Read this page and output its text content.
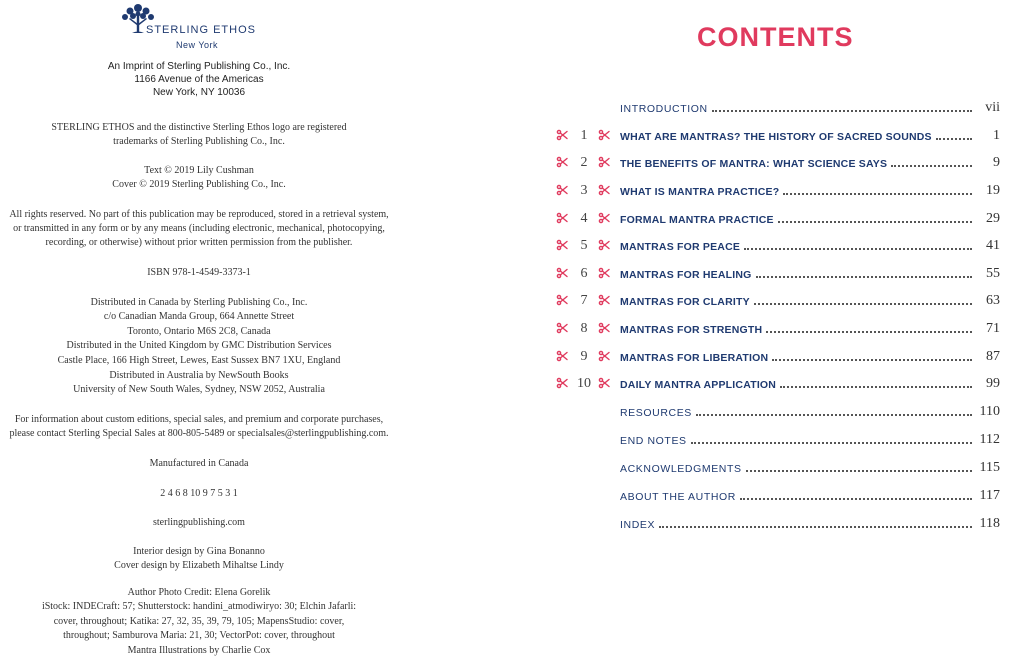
STERLING ETHOS
New York
An Imprint of Sterling Publishing Co., Inc.
1166 Avenue of the Americas
New York, NY 10036
STERLING ETHOS and the distinctive Sterling Ethos logo are registered
trademarks of Sterling Publishing Co., Inc.
Text © 2019 Lily Cushman
Cover © 2019 Sterling Publishing Co., Inc.
All rights reserved. No part of this publication may be reproduced, stored in a retrieval system,
or transmitted in any form or by any means (including electronic, mechanical, photocopying,
recording, or otherwise) without prior written permission from the publisher.
ISBN 978-1-4549-3373-1
Distributed in Canada by Sterling Publishing Co., Inc.
c/o Canadian Manda Group, 664 Annette Street
Toronto, Ontario M6S 2C8, Canada
Distributed in the United Kingdom by GMC Distribution Services
Castle Place, 166 High Street, Lewes, East Sussex BN7 1XU, England
Distributed in Australia by NewSouth Books
University of New South Wales, Sydney, NSW 2052, Australia
For information about custom editions, special sales, and premium and corporate purchases,
please contact Sterling Special Sales at 800-805-5489 or specialsales@sterlingpublishing.com.
Manufactured in Canada
2 4 6 8 10 9 7 5 3 1
sterlingpublishing.com
Interior design by Gina Bonanno
Cover design by Elizabeth Mihaltse Lindy
Author Photo Credit: Elena Gorelik
iStock: INDECraft: 57; Shutterstock: handini_atmodiwiryo: 30; Elchin Jafarli:
cover, throughout; Katika: 27, 32, 35, 39, 79, 105; MapensStudio: cover,
throughout; Samburova Maria: 21, 30; VectorPot: cover, throughout
Mantra Illustrations by Charlie Cox
CONTENTS
INTRODUCTION	vii
1	WHAT ARE MANTRAS? THE HISTORY OF SACRED SOUNDS	1
2	THE BENEFITS OF MANTRA: WHAT SCIENCE SAYS	9
3	WHAT IS MANTRA PRACTICE?	19
4	FORMAL MANTRA PRACTICE	29
5	MANTRAS FOR PEACE	41
6	MANTRAS FOR HEALING	55
7	MANTRAS FOR CLARITY	63
8	MANTRAS FOR STRENGTH	71
9	MANTRAS FOR LIBERATION	87
10	DAILY MANTRA APPLICATION	99
RESOURCES	110
END NOTES	112
ACKNOWLEDGMENTS	115
ABOUT THE AUTHOR	117
INDEX	118
